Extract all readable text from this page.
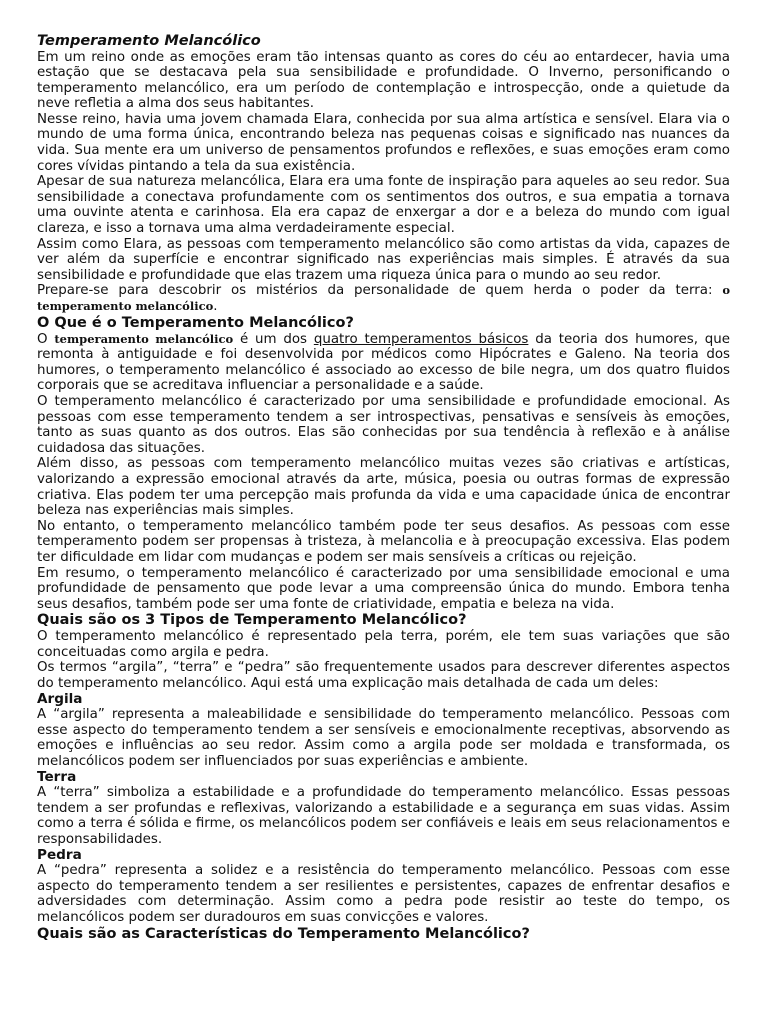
Temperamento Melancólico

Em um reino onde as emoções eram tão intensas quanto as cores do céu ao entardecer, havia uma estação que se destacava pela sua sensibilidade e profundidade. O Inverno, personificando o temperamento melancólico, era um período de contemplação e introspecção, onde a quietude da neve refletia a alma dos seus habitantes.

Nesse reino, havia uma jovem chamada Elara, conhecida por sua alma artística e sensível. Elara via o mundo de uma forma única, encontrando beleza nas pequenas coisas e significado nas nuances da vida. Sua mente era um universo de pensamentos profundos e reflexões, e suas emoções eram como cores vívidas pintando a tela da sua existência.

Apesar de sua natureza melancólica, Elara era uma fonte de inspiração para aqueles ao seu redor. Sua sensibilidade a conectava profundamente com os sentimentos dos outros, e sua empatia a tornava uma ouvinte atenta e carinhosa. Ela era capaz de enxergar a dor e a beleza do mundo com igual clareza, e isso a tornava uma alma verdadeiramente especial.

Assim como Elara, as pessoas com temperamento melancólico são como artistas da vida, capazes de ver além da superfície e encontrar significado nas experiências mais simples. É através da sua sensibilidade e profundidade que elas trazem uma riqueza única para o mundo ao seu redor.

Prepare-se para descobrir os mistérios da personalidade de quem herda o poder da terra: o temperamento melancólico.

O Que é o Temperamento Melancólico?

O temperamento melancólico é um dos quatro temperamentos básicos da teoria dos humores, que remonta à antiguidade e foi desenvolvida por médicos como Hipócrates e Galeno. Na teoria dos humores, o temperamento melancólico é associado ao excesso de bile negra, um dos quatro fluidos corporais que se acreditava influenciar a personalidade e a saúde.

O temperamento melancólico é caracterizado por uma sensibilidade e profundidade emocional. As pessoas com esse temperamento tendem a ser introspectivas, pensativas e sensíveis às emoções, tanto as suas quanto as dos outros. Elas são conhecidas por sua tendência à reflexão e à análise cuidadosa das situações.

Além disso, as pessoas com temperamento melancólico muitas vezes são criativas e artísticas, valorizando a expressão emocional através da arte, música, poesia ou outras formas de expressão criativa. Elas podem ter uma percepção mais profunda da vida e uma capacidade única de encontrar beleza nas experiências mais simples.

No entanto, o temperamento melancólico também pode ter seus desafios. As pessoas com esse temperamento podem ser propensas à tristeza, à melancolia e à preocupação excessiva. Elas podem ter dificuldade em lidar com mudanças e podem ser mais sensíveis a críticas ou rejeição.

Em resumo, o temperamento melancólico é caracterizado por uma sensibilidade emocional e uma profundidade de pensamento que pode levar a uma compreensão única do mundo. Embora tenha seus desafios, também pode ser uma fonte de criatividade, empatia e beleza na vida.

Quais são os 3 Tipos de Temperamento Melancólico?

O temperamento melancólico é representado pela terra, porém, ele tem suas variações que são conceituadas como argila e pedra.

Os termos “argila”, “terra” e “pedra” são frequentemente usados para descrever diferentes aspectos do temperamento melancólico. Aqui está uma explicação mais detalhada de cada um deles:

Argila

A “argila” representa a maleabilidade e sensibilidade do temperamento melancólico. Pessoas com esse aspecto do temperamento tendem a ser sensíveis e emocionalmente receptivas, absorvendo as emoções e influências ao seu redor. Assim como a argila pode ser moldada e transformada, os melancólicos podem ser influenciados por suas experiências e ambiente.

Terra

A “terra” simboliza a estabilidade e a profundidade do temperamento melancólico. Essas pessoas tendem a ser profundas e reflexivas, valorizando a estabilidade e a segurança em suas vidas. Assim como a terra é sólida e firme, os melancólicos podem ser confiáveis e leais em seus relacionamentos e responsabilidades.

Pedra

A “pedra” representa a solidez e a resistência do temperamento melancólico. Pessoas com esse aspecto do temperamento tendem a ser resilientes e persistentes, capazes de enfrentar desafios e adversidades com determinação. Assim como a pedra pode resistir ao teste do tempo, os melancólicos podem ser duradouros em suas convicções e valores.

Quais são as Características do Temperamento Melancólico?
